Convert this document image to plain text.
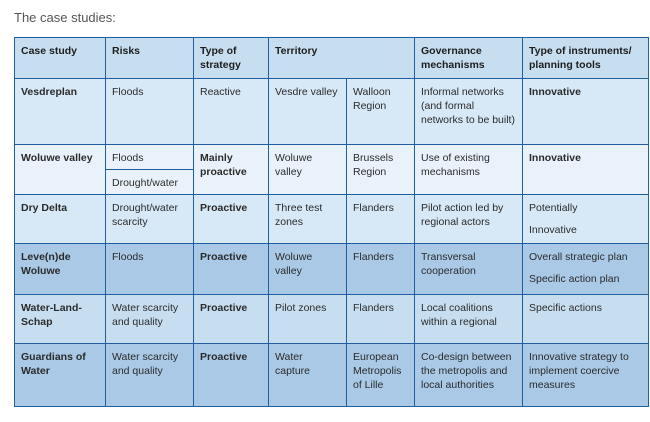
The case studies:
Case study	Risks	Type of strategy	Territory		Governance mechanisms	Type of instruments/ planning tools
Vesdreplan	Floods	Reactive	Vesdre valley	Walloon Region	Informal networks (and formal networks to be built)	Innovative
Woluwe valley	Floods	Mainly proactive	Woluwe valley	Brussels Region	Use of existing mechanisms	Innovative
	Drought/water					
Dry Delta	Drought/water scarcity	Proactive	Three test zones	Flanders	Pilot action led by regional actors	Potentially
Innovative

Leve(n)de Woluwe	Floods	Proactive	Woluwe valley	Flanders	Transversal cooperation	Overall strategic plan
Specific action plan

Water-Land-Schap	Water scarcity and quality	Proactive	Pilot zones	Flanders	Local coalitions within a regional	Specific actions
Guardians of Water	Water scarcity and quality	Proactive	Water capture	European Metropolis of Lille	Co-design between the metropolis and local authorities	Innovative strategy to implement coercive measures
